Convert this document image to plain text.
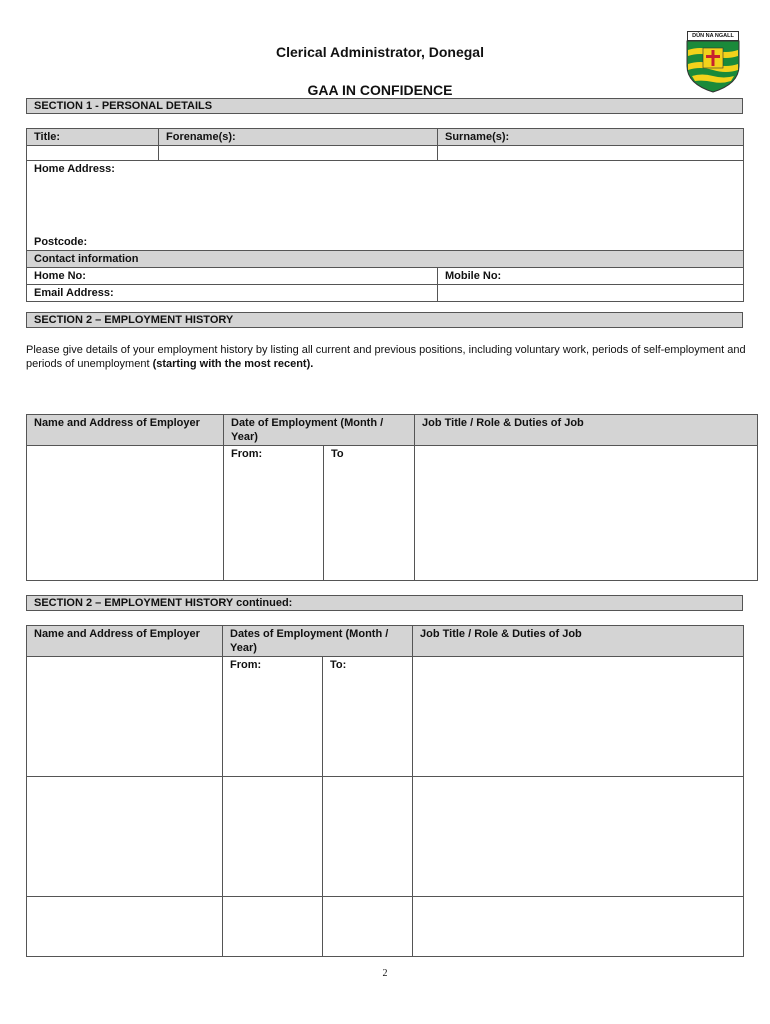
Clerical Administrator, Donegal
GAA IN CONFIDENCE
DÚN NA NGALL
SECTION 1 - PERSONAL DETAILS
Title:	Forename(s):	Surname(s):

Home Address:
Postcode:		

Contact information		
Home No:		Mobile No:
Email Address:		
SECTION 2 – EMPLOYMENT HISTORY
Please give details of your employment history by listing all current and previous positions, including voluntary work, periods of self-employment and
periods of unemployment (starting with the most recent).
Name and Address of Employer	Date of Employment (Month / Year)		Job Title / Role & Duties of Job
	From:	To	
SECTION 2 – EMPLOYMENT HISTORY continued:
Name and Address of Employer	Dates of Employment (Month / Year)		Job Title / Role & Duties of Job
	From:	To:	

2
